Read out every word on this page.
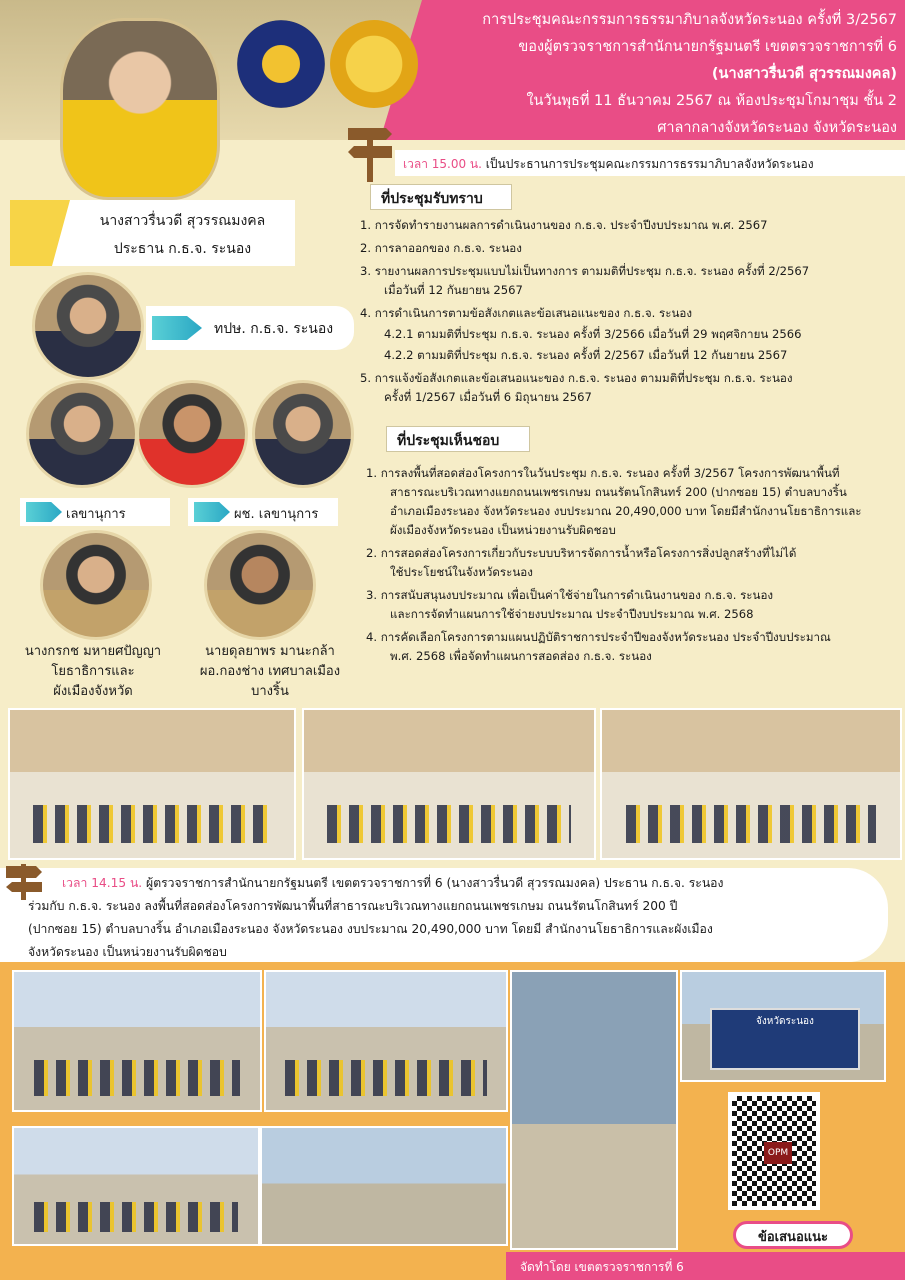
การประชุมคณะกรรมการธรรมาภิบาลจังหวัดระนอง ครั้งที่ 3/2567
ของผู้ตรวจราชการสำนักนายกรัฐมนตรี เขตตรวจราชการที่ 6
(นางสาวรื่นวดี สุวรรณมงคล)
ในวันพุธที่ 11 ธันวาคม 2567 ณ ห้องประชุมโกมาชุม ชั้น 2
ศาลากลางจังหวัดระนอง จังหวัดระนอง
เวลา 15.00 น. เป็นประธานการประชุมคณะกรรมการธรรมาภิบาลจังหวัดระนอง
นางสาวรื่นวดี สุวรรณมงคล
ประธาน ก.ธ.จ. ระนอง
ทปษ. ก.ธ.จ. ระนอง
เลขานุการ	ผช. เลขานุการ
นางกรกช มหายศปัญญา
โยธาธิการและ
ผังเมืองจังหวัด
นายดุลยาพร มานะกล้า
ผอ.กองช่าง เทศบาลเมือง
บางริ้น
ที่ประชุมรับทราบ
1. การจัดทำรายงานผลการดำเนินงานของ ก.ธ.จ. ประจำปีงบประมาณ พ.ศ. 2567
2. การลาออกของ ก.ธ.จ. ระนอง
3. รายงานผลการประชุมแบบไม่เป็นทางการ ตามมติที่ประชุม ก.ธ.จ. ระนอง ครั้งที่ 2/2567
เมื่อวันที่ 12 กันยายน 2567
4. การดำเนินการตามข้อสังเกตและข้อเสนอแนะของ ก.ธ.จ. ระนอง
4.2.1 ตามมติที่ประชุม ก.ธ.จ. ระนอง ครั้งที่ 3/2566 เมื่อวันที่ 29 พฤศจิกายน 2566
4.2.2 ตามมติที่ประชุม ก.ธ.จ. ระนอง ครั้งที่ 2/2567 เมื่อวันที่ 12 กันยายน 2567
5. การแจ้งข้อสังเกตและข้อเสนอแนะของ ก.ธ.จ. ระนอง ตามมติที่ประชุม ก.ธ.จ. ระนอง
ครั้งที่ 1/2567 เมื่อวันที่ 6 มิถุนายน 2567
ที่ประชุมเห็นชอบ
1. การลงพื้นที่สอดส่องโครงการในวันประชุม ก.ธ.จ. ระนอง ครั้งที่ 3/2567 โครงการพัฒนาพื้นที่
สาธารณะบริเวณทางแยกถนนเพชรเกษม ถนนรัตนโกสินทร์ 200 (ปากซอย 15) ตำบลบางริ้น
อำเภอเมืองระนอง จังหวัดระนอง งบประมาณ 20,490,000 บาท โดยมีสำนักงานโยธาธิการและ
ผังเมืองจังหวัดระนอง เป็นหน่วยงานรับผิดชอบ
2. การสอดส่องโครงการเกี่ยวกับระบบบริหารจัดการน้ำหรือโครงการสิ่งปลูกสร้างที่ไม่ได้
ใช้ประโยชน์ในจังหวัดระนอง
3. การสนับสนุนงบประมาณ เพื่อเป็นค่าใช้จ่ายในการดำเนินงานของ ก.ธ.จ. ระนอง
และการจัดทำแผนการใช้จ่ายงบประมาณ ประจำปีงบประมาณ พ.ศ. 2568
4. การคัดเลือกโครงการตามแผนปฏิบัติราชการประจำปีของจังหวัดระนอง ประจำปีงบประมาณ
พ.ศ. 2568 เพื่อจัดทำแผนการสอดส่อง ก.ธ.จ. ระนอง
เวลา 14.15 น. ผู้ตรวจราชการสำนักนายกรัฐมนตรี เขตตรวจราชการที่ 6 (นางสาวรื่นวดี สุวรรณมงคล) ประธาน ก.ธ.จ. ระนอง
ร่วมกับ ก.ธ.จ. ระนอง ลงพื้นที่สอดส่องโครงการพัฒนาพื้นที่สาธารณะบริเวณทางแยกถนนเพชรเกษม ถนนรัตนโกสินทร์ 200 ปี
(ปากซอย 15) ตำบลบางริ้น อำเภอเมืองระนอง จังหวัดระนอง งบประมาณ 20,490,000 บาท โดยมี สำนักงานโยธาธิการและผังเมือง
จังหวัดระนอง เป็นหน่วยงานรับผิดชอบ
จังหวัดระนอง
OPM
ข้อเสนอแนะ
จัดทำโดย เขตตรวจราชการที่ 6
